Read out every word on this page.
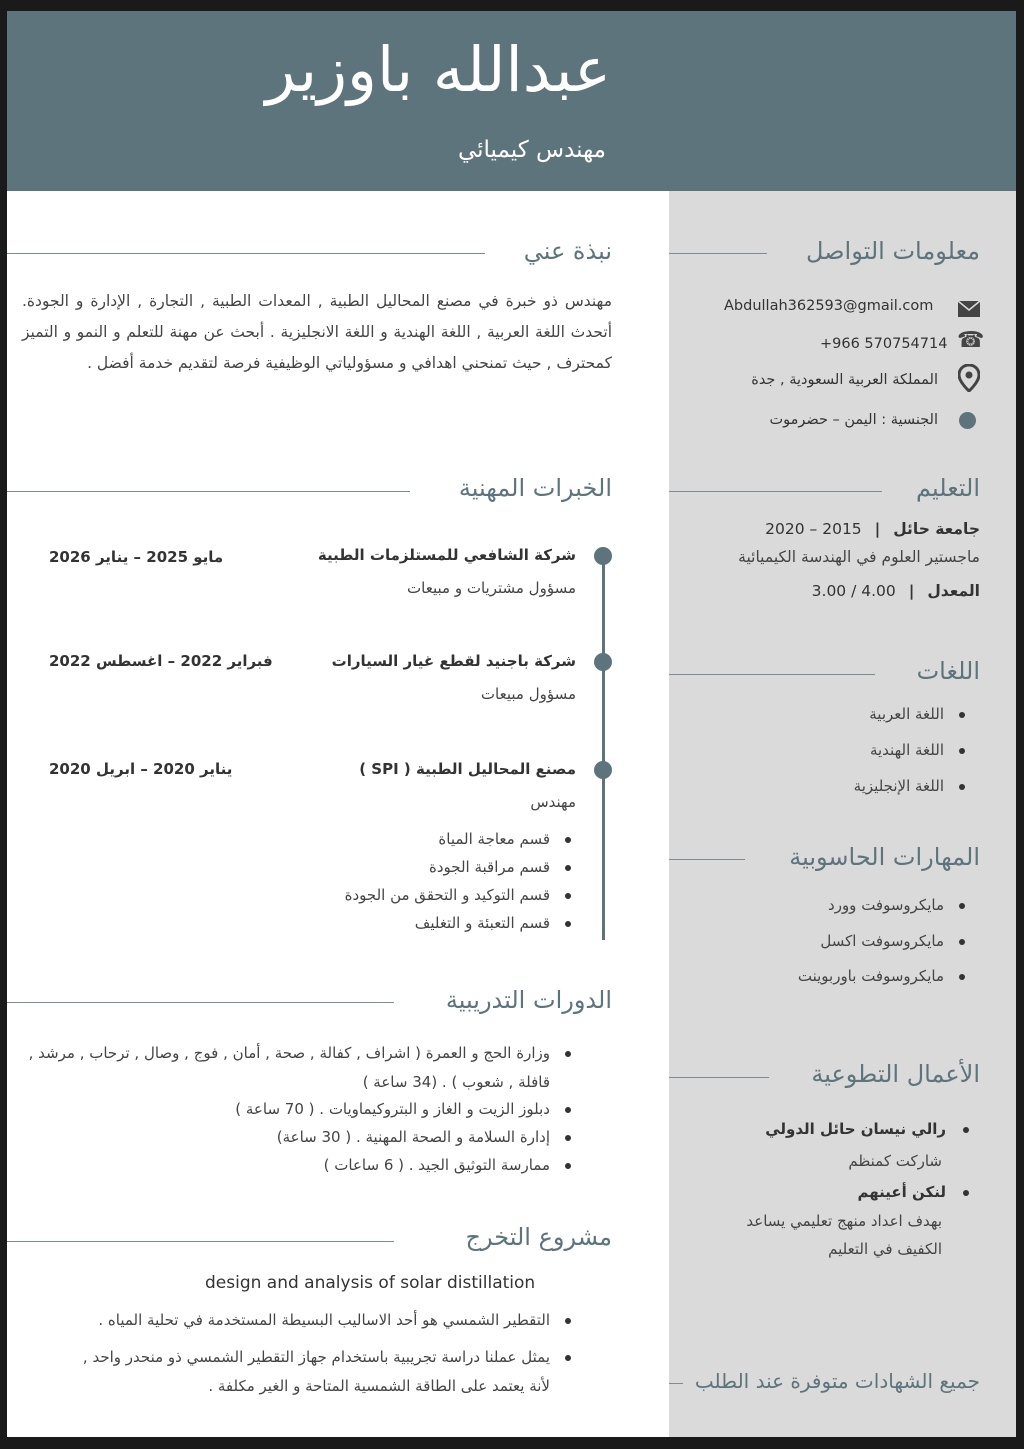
عبدالله باوزير
مهندس كيميائي
نبذة عني
مهندس ذو خبرة في مصنع المحاليل الطبية , المعدات الطبية , التجارة , الإدارة و الجودة. أتحدث اللغة العربية , اللغة الهندية و اللغة الانجليزية . أبحث عن مهنة للتعلم و النمو و التميز كمحترف , حيث تمنحني اهدافي و مسؤولياتي الوظيفية فرصة لتقديم خدمة أفضل .
الخبرات المهنية
شركة الشافعي للمستلزمات الطبية
مايو 2025 – يناير 2026
مسؤول مشتريات و مبيعات
شركة باجنيد لقطع غيار السيارات
فبراير 2022 – اغسطس 2022
مسؤول مبيعات
مصنع المحاليل الطبية ( SPI )
يناير 2020 – ابريل 2020
مهندس
قسم معاجة المياة
قسم مراقبة الجودة
قسم التوكيد و التحقق من الجودة
قسم التعبئة و التغليف
الدورات التدريبية
وزارة الحج و العمرة ( اشراف , كفالة , صحة , أمان , فوج , وصال , ترحاب , مرشد ,
قافلة , شعوب ) . (34 ساعة )
دبلوز الزيت و الغاز و البتروكيماويات . ( 70 ساعة )
إدارة السلامة و الصحة المهنية . ( 30 ساعة)
ممارسة التوثيق الجيد . ( 6 ساعات )
مشروع التخرج
design and analysis of solar distillation
التقطير الشمسي هو أحد الاساليب البسيطة المستخدمة في تحلية المياه .
يمثل عملنا دراسة تجريبية باستخدام جهاز التقطير الشمسي ذو منحدر واحد ,
لأنة يعتمد على الطاقة الشمسية المتاحة و الغير مكلفة .
معلومات التواصل
Abdullah362593@gmail.com
☎
+966 570754714
المملكة العربية السعودية , جدة
الجنسية : اليمن – حضرموت
التعليم
جامعة حائل | 2015 – 2020
ماجستير العلوم في الهندسة الكيميائية
المعدل | 3.00 / 4.00
اللغات
اللغة العربية
اللغة الهندية
اللغة الإنجليزية
المهارات الحاسوبية
مايكروسوفت وورد
مايكروسوفت اكسل
مايكروسوفت باوربوينت
الأعمال التطوعية
رالي نيسان حائل الدولي
شاركت كمنظم
لنكن أعينهم
بهدف اعداد منهج تعليمي يساعد
الكفيف في التعليم
جميع الشهادات متوفرة عند الطلب
